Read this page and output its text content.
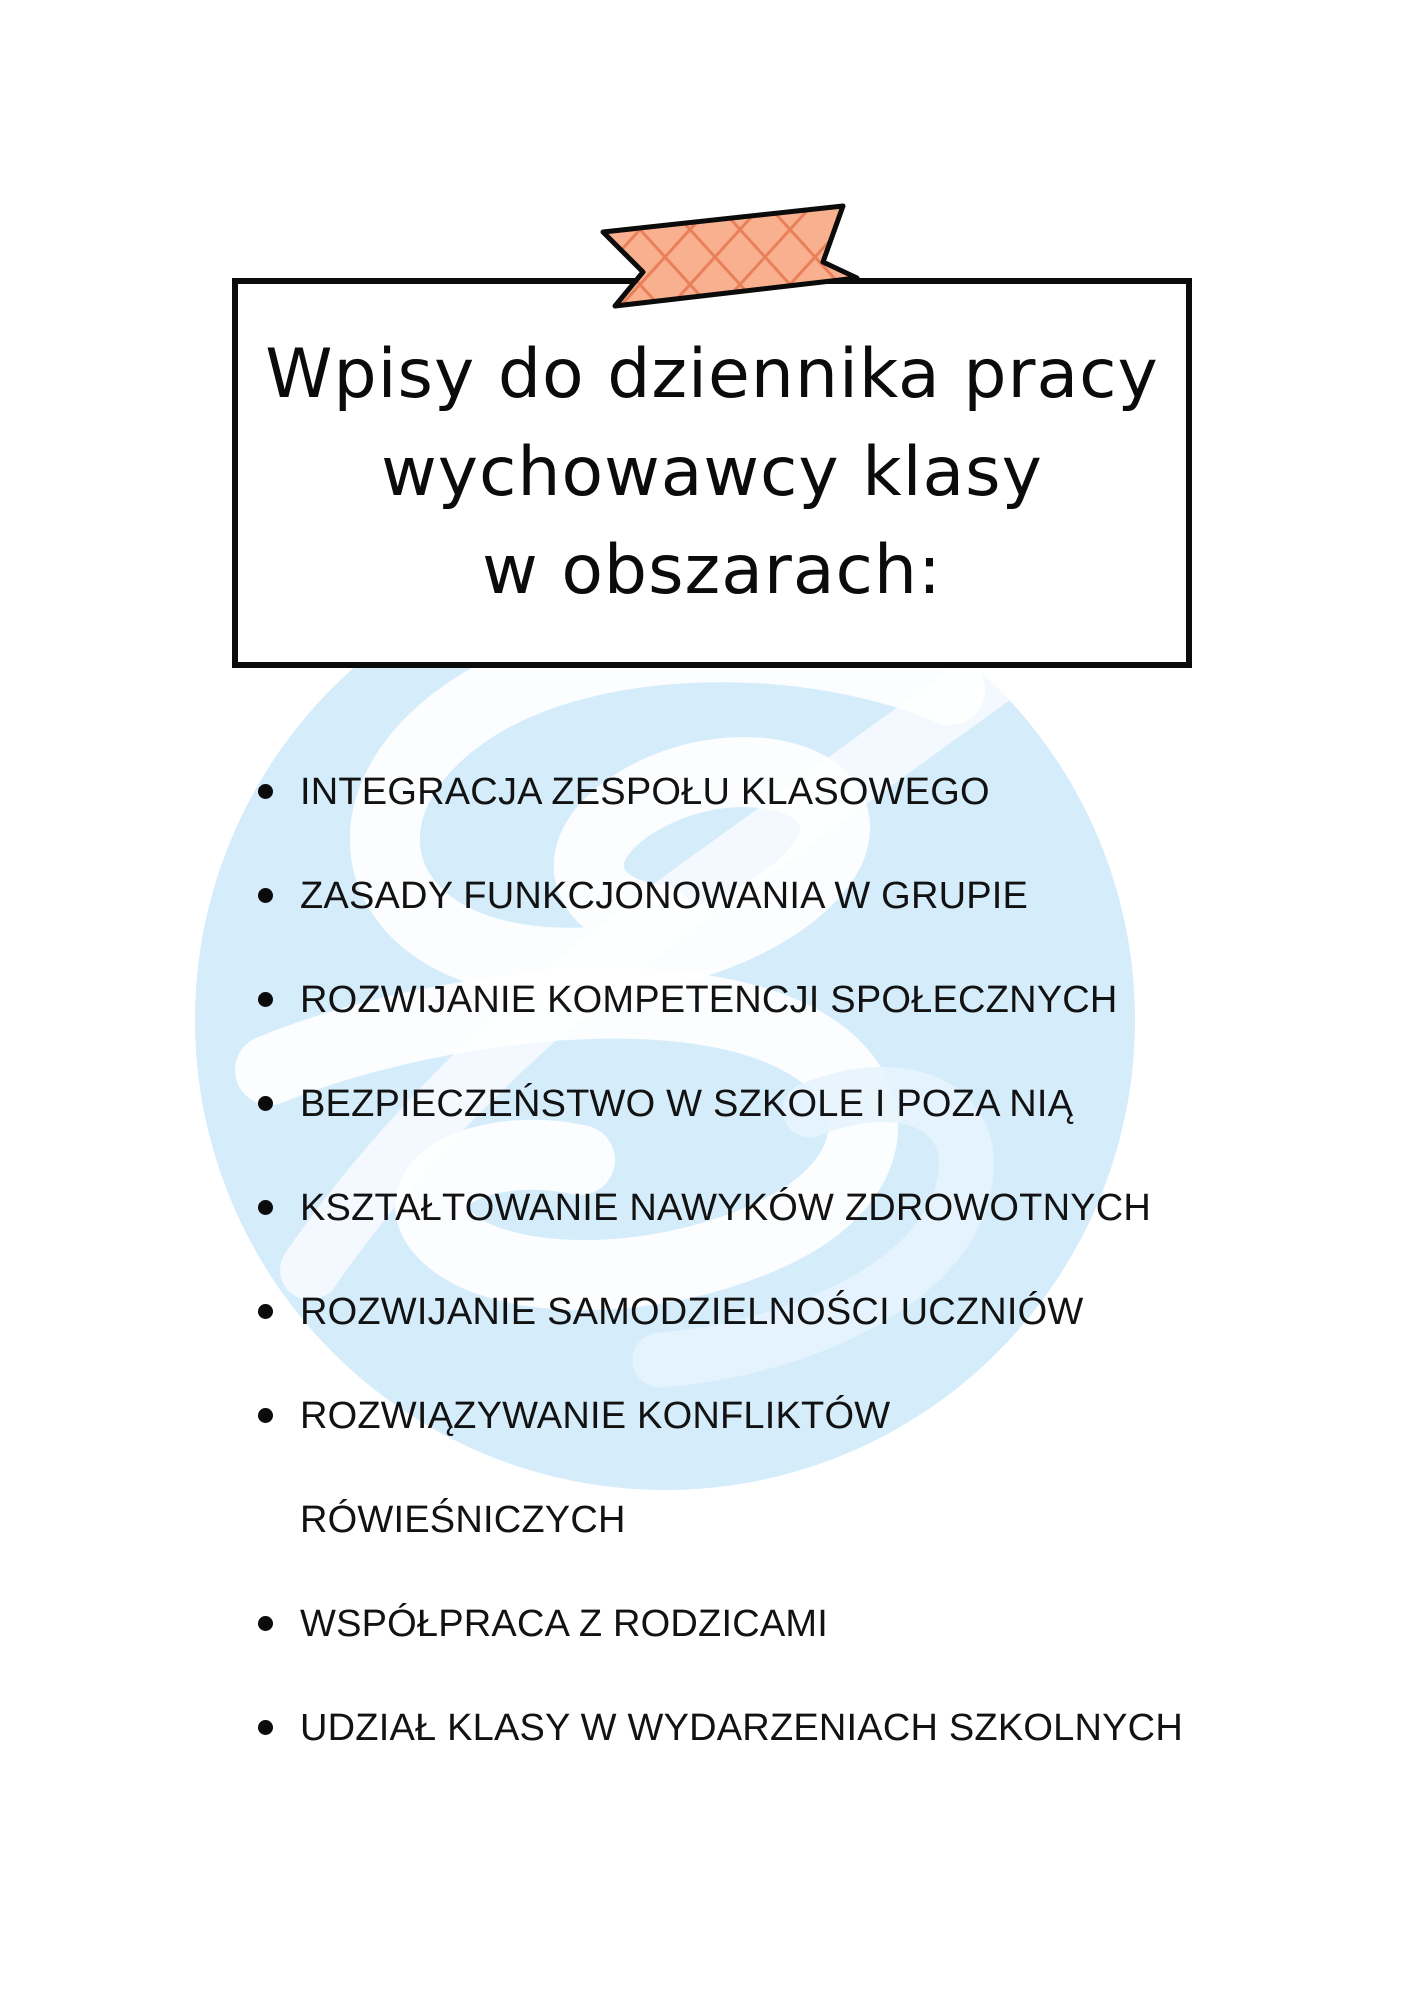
Wpisy do dziennika pracy
wychowawcy klasy
w obszarach:
INTEGRACJA ZESPOŁU KLASOWEGO
ZASADY FUNKCJONOWANIA W GRUPIE
ROZWIJANIE KOMPETENCJI SPOŁECZNYCH
BEZPIECZEŃSTWO W SZKOLE I POZA NIĄ
KSZTAŁTOWANIE NAWYKÓW ZDROWOTNYCH
ROZWIJANIE SAMODZIELNOŚCI UCZNIÓW
ROZWIĄZYWANIE KONFLIKTÓW
RÓWIEŚNICZYCH
WSPÓŁPRACA Z RODZICAMI
UDZIAŁ KLASY W WYDARZENIACH SZKOLNYCH
